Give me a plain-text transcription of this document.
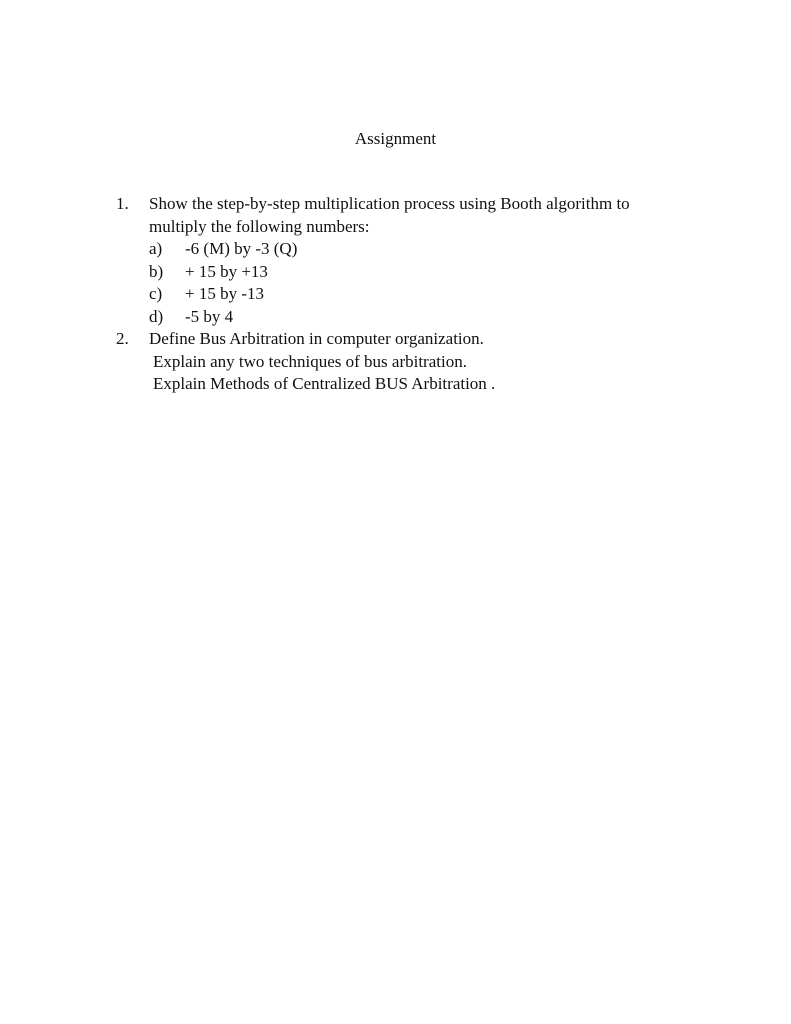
Assignment
1. Show the step-by-step multiplication process using Booth algorithm to
multiply the following numbers:
a) -6 (M) by -3 (Q)
b) + 15 by +13
c) + 15 by -13
d) -5 by 4
2. Define Bus Arbitration in computer organization.
Explain any two techniques of bus arbitration.
Explain Methods of Centralized BUS Arbitration .
